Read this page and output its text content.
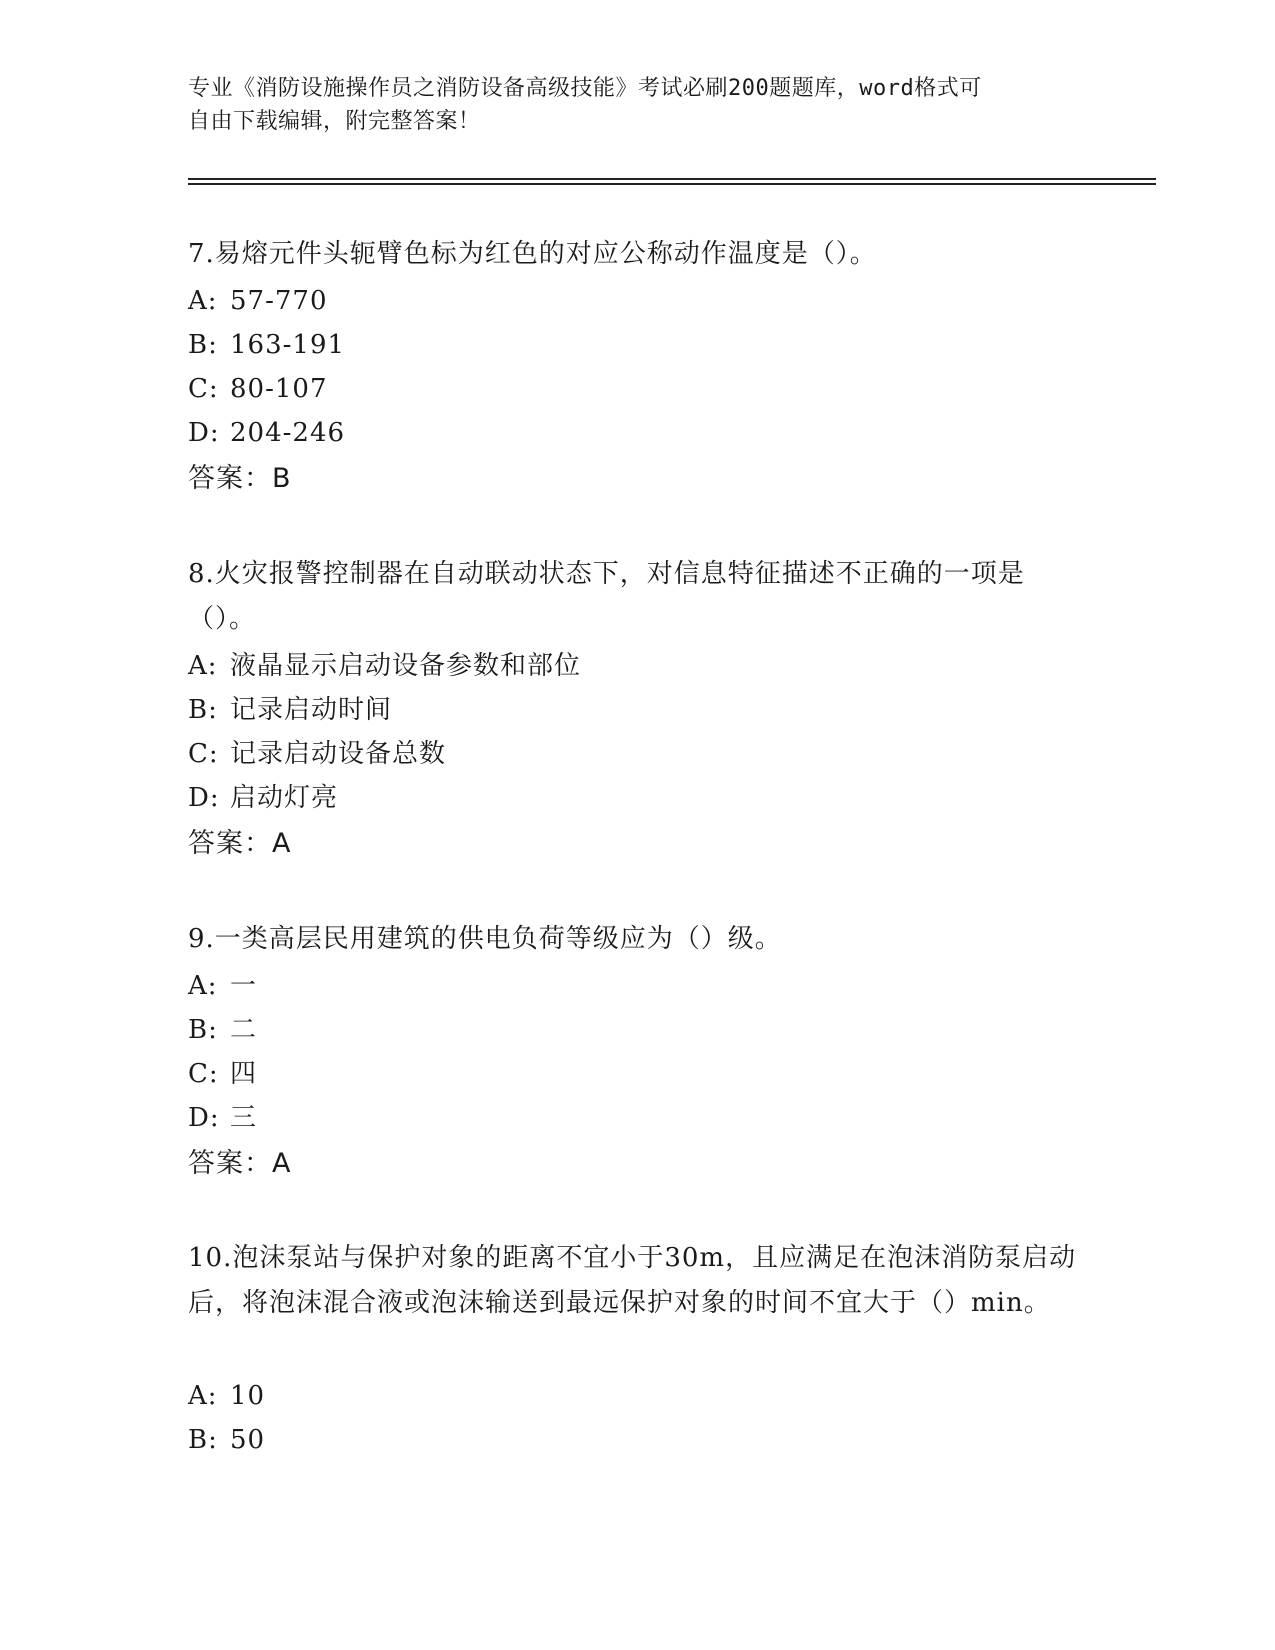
专业《消防设施操作员之消防设备高级技能》考试必刷200题题库，word格式可
自由下载编辑，附完整答案！
7.易熔元件头轭臂色标为红色的对应公称动作温度是（）。
A: 57-770
B: 163-191
C: 80-107
D: 204-246
答案：B
8.火灾报警控制器在自动联动状态下，对信息特征描述不正确的一项是（）。
A: 液晶显示启动设备参数和部位
B: 记录启动时间
C: 记录启动设备总数
D: 启动灯亮
答案：A
9.一类高层民用建筑的供电负荷等级应为（）级。
A: 一
B: 二
C: 四
D: 三
答案：A
10.泡沫泵站与保护对象的距离不宜小于30m，且应满足在泡沫消防泵启动后，将泡沫混合液或泡沫输送到最远保护对象的时间不宜大于（）min。
A: 10
B: 50
